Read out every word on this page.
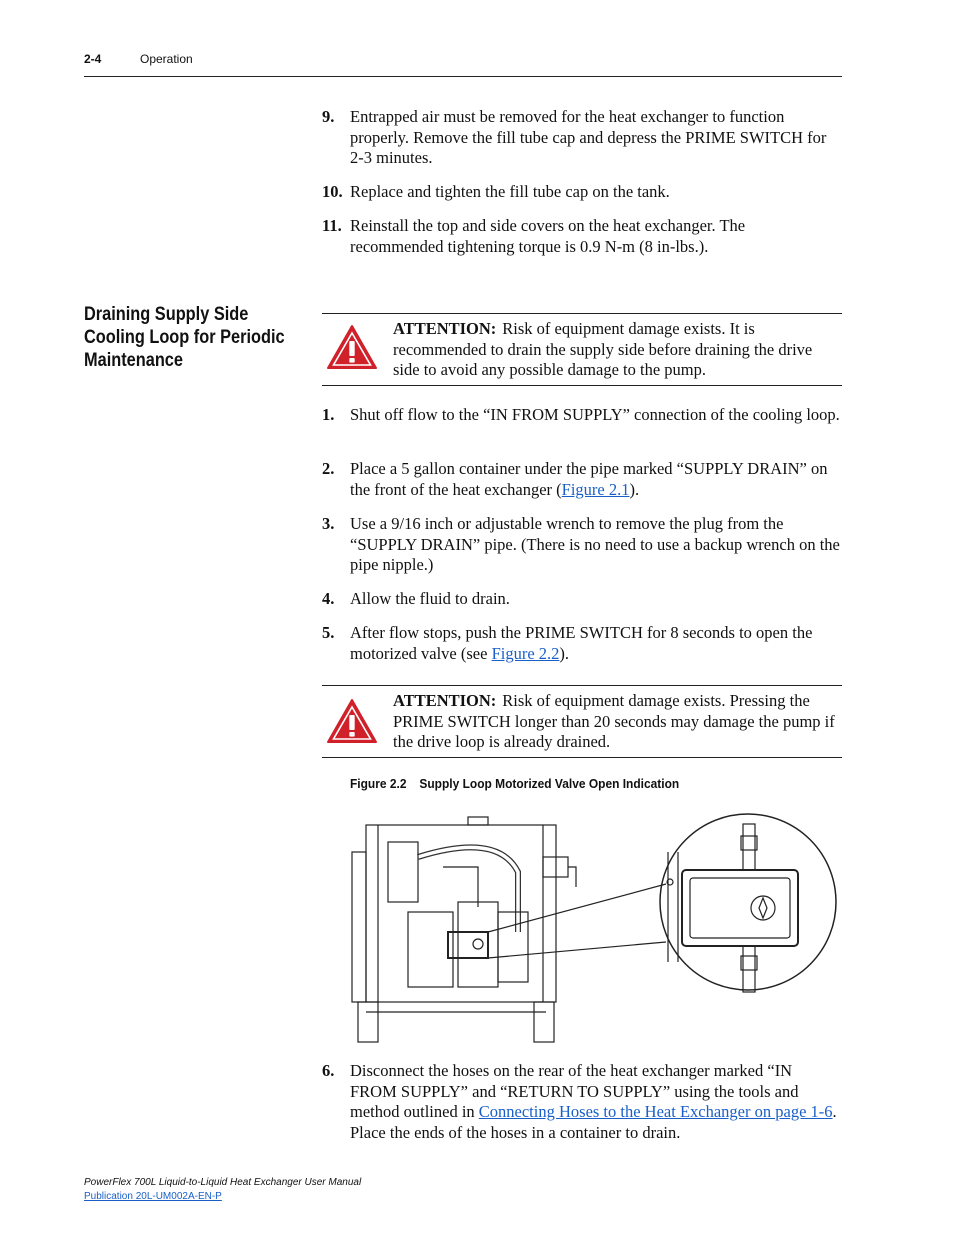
2-4	Operation
9. Entrapped air must be removed for the heat exchanger to function properly. Remove the fill tube cap and depress the PRIME SWITCH for 2-3 minutes.
10. Replace and tighten the fill tube cap on the tank.
11. Reinstall the top and side covers on the heat exchanger. The recommended tightening torque is 0.9 N-m (8 in-lbs.).
Draining Supply Side Cooling Loop for Periodic Maintenance
ATTENTION: Risk of equipment damage exists. It is recommended to drain the supply side before draining the drive side to avoid any possible damage to the pump.
1. Shut off flow to the “IN FROM SUPPLY” connection of the cooling loop.
2. Place a 5 gallon container under the pipe marked “SUPPLY DRAIN” on the front of the heat exchanger (Figure 2.1).
3. Use a 9/16 inch or adjustable wrench to remove the plug from the “SUPPLY DRAIN” pipe. (There is no need to use a backup wrench on the pipe nipple.)
4. Allow the fluid to drain.
5. After flow stops, push the PRIME SWITCH for 8 seconds to open the motorized valve (see Figure 2.2).
ATTENTION: Risk of equipment damage exists. Pressing the PRIME SWITCH longer than 20 seconds may damage the pump if the drive loop is already drained.
Figure 2.2 Supply Loop Motorized Valve Open Indication
6. Disconnect the hoses on the rear of the heat exchanger marked “IN FROM SUPPLY” and “RETURN TO SUPPLY” using the tools and method outlined in Connecting Hoses to the Heat Exchanger on page 1-6. Place the ends of the hoses in a container to drain.
PowerFlex 700L Liquid-to-Liquid Heat Exchanger User Manual
Publication 20L-UM002A-EN-P
